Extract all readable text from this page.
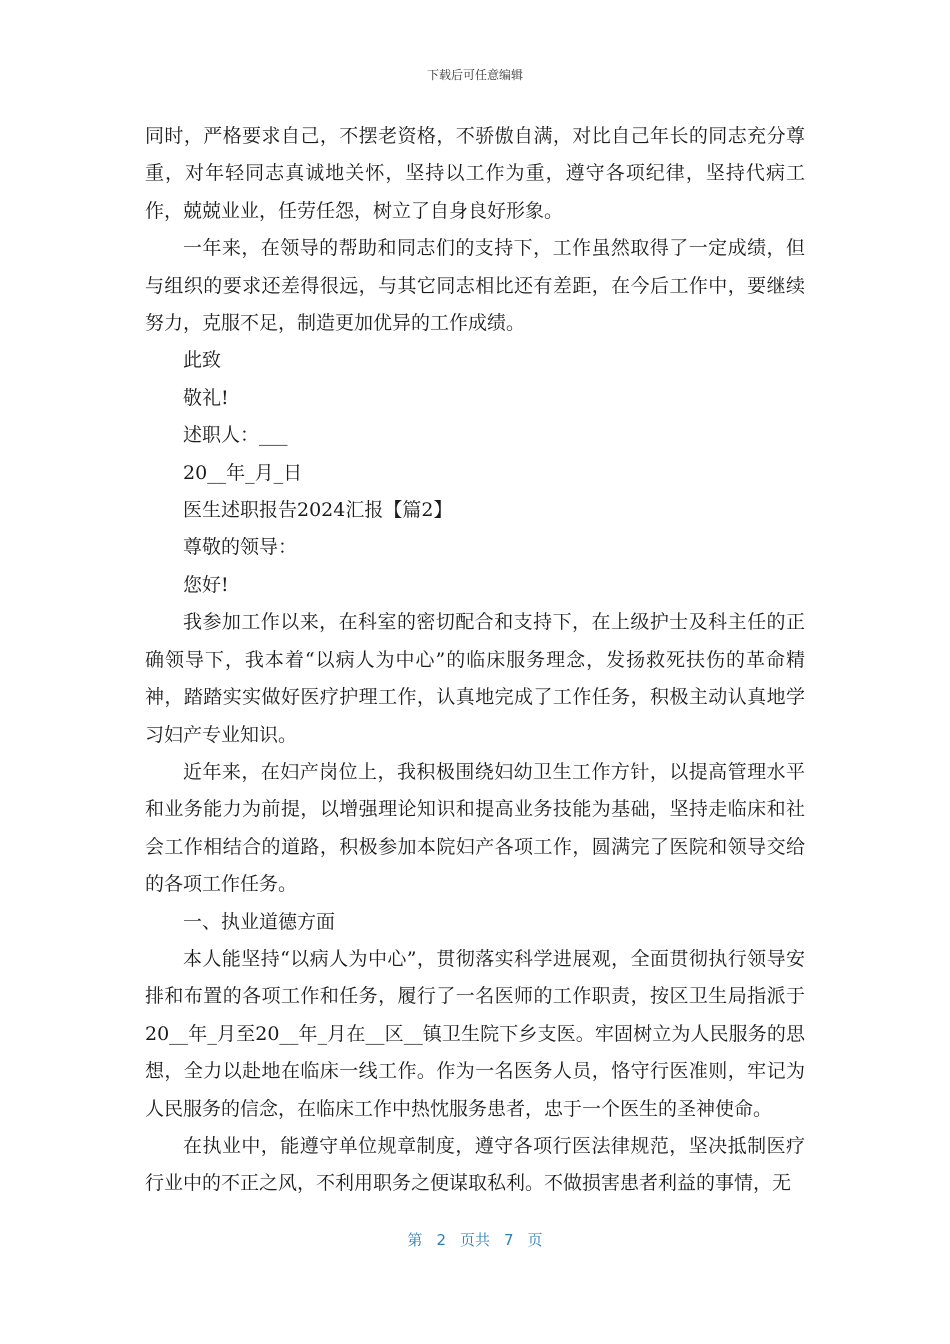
下载后可任意编辑

同时，严格要求自己，不摆老资格，不骄傲自满，对比自己年长的同志充分尊重，对年轻同志真诚地关怀，坚持以工作为重，遵守各项纪律，坚持代病工作，兢兢业业，任劳任怨，树立了自身良好形象。

一年来，在领导的帮助和同志们的支持下，工作虽然取得了一定成绩，但与组织的要求还差得很远，与其它同志相比还有差距，在今后工作中，要继续努力，克服不足，制造更加优异的工作成绩。

此致

敬礼!

述职人：___

20__年_月_日

医生述职报告2024汇报【篇2】

尊敬的领导：

您好!

我参加工作以来，在科室的密切配合和支持下，在上级护士及科主任的正确领导下，我本着“以病人为中心”的临床服务理念，发扬救死扶伤的革命精神，踏踏实实做好医疗护理工作，认真地完成了工作任务，积极主动认真地学习妇产专业知识。

近年来，在妇产岗位上，我积极围绕妇幼卫生工作方针，以提高管理水平和业务能力为前提，以增强理论知识和提高业务技能为基础，坚持走临床和社会工作相结合的道路，积极参加本院妇产各项工作，圆满完了医院和领导交给的各项工作任务。

一、执业道德方面

本人能坚持“以病人为中心”，贯彻落实科学进展观，全面贯彻执行领导安排和布置的各项工作和任务，履行了一名医师的工作职责，按区卫生局指派于20__年_月至20__年_月在__区__镇卫生院下乡支医。牢固树立为人民服务的思想，全力以赴地在临床一线工作。作为一名医务人员，恪守行医准则，牢记为人民服务的信念，在临床工作中热忱服务患者，忠于一个医生的圣神使命。

在执业中，能遵守单位规章制度，遵守各项行医法律规范，坚决抵制医疗行业中的不正之风，不利用职务之便谋取私利。不做损害患者利益的事情，无

第 2 页共 7 页
